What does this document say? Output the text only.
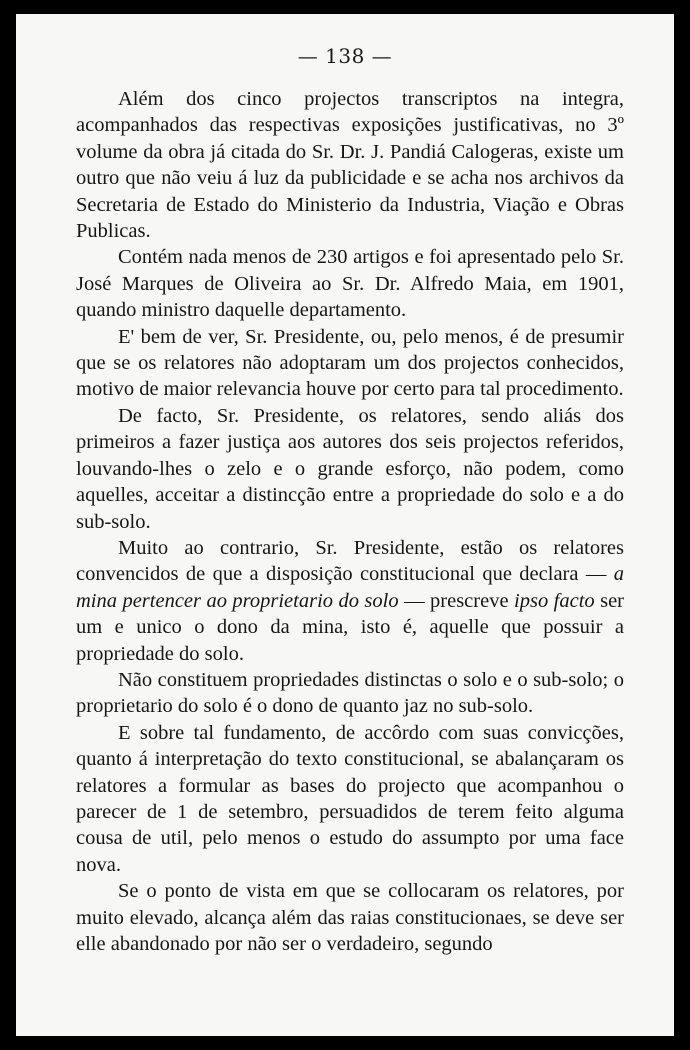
— 138 —

Além dos cinco projectos transcriptos na integra, acompanhados das respectivas exposições justificativas, no 3º volume da obra já citada do Sr. Dr. J. Pandiá Calogeras, existe um outro que não veiu á luz da publicidade e se acha nos archivos da Secretaria de Estado do Ministerio da Industria, Viação e Obras Publicas.

Contém nada menos de 230 artigos e foi apresentado pelo Sr. José Marques de Oliveira ao Sr. Dr. Alfredo Maia, em 1901, quando ministro daquelle departamento.

E' bem de ver, Sr. Presidente, ou, pelo menos, é de presumir que se os relatores não adoptaram um dos projectos conhecidos, motivo de maior relevancia houve por certo para tal procedimento.

De facto, Sr. Presidente, os relatores, sendo aliás dos primeiros a fazer justiça aos autores dos seis projectos referidos, louvando-lhes o zelo e o grande esforço, não podem, como aquelles, acceitar a distincção entre a propriedade do solo e a do sub-solo.

Muito ao contrario, Sr. Presidente, estão os relatores convencidos de que a disposição constitucional que declara — a mina pertencer ao proprietario do solo — prescreve ipso facto ser um e unico o dono da mina, isto é, aquelle que possuir a propriedade do solo.

Não constituem propriedades distinctas o solo e o sub-solo; o proprietario do solo é o dono de quanto jaz no sub-solo.

E sobre tal fundamento, de accôrdo com suas convicções, quanto á interpretação do texto constitucional, se abalançaram os relatores a formular as bases do projecto que acompanhou o parecer de 1 de setembro, persuadidos de terem feito alguma cousa de util, pelo menos o estudo do assumpto por uma face nova.

Se o ponto de vista em que se collocaram os relatores, por muito elevado, alcança além das raias constitucionaes, se deve ser elle abandonado por não ser o verdadeiro, segundo
